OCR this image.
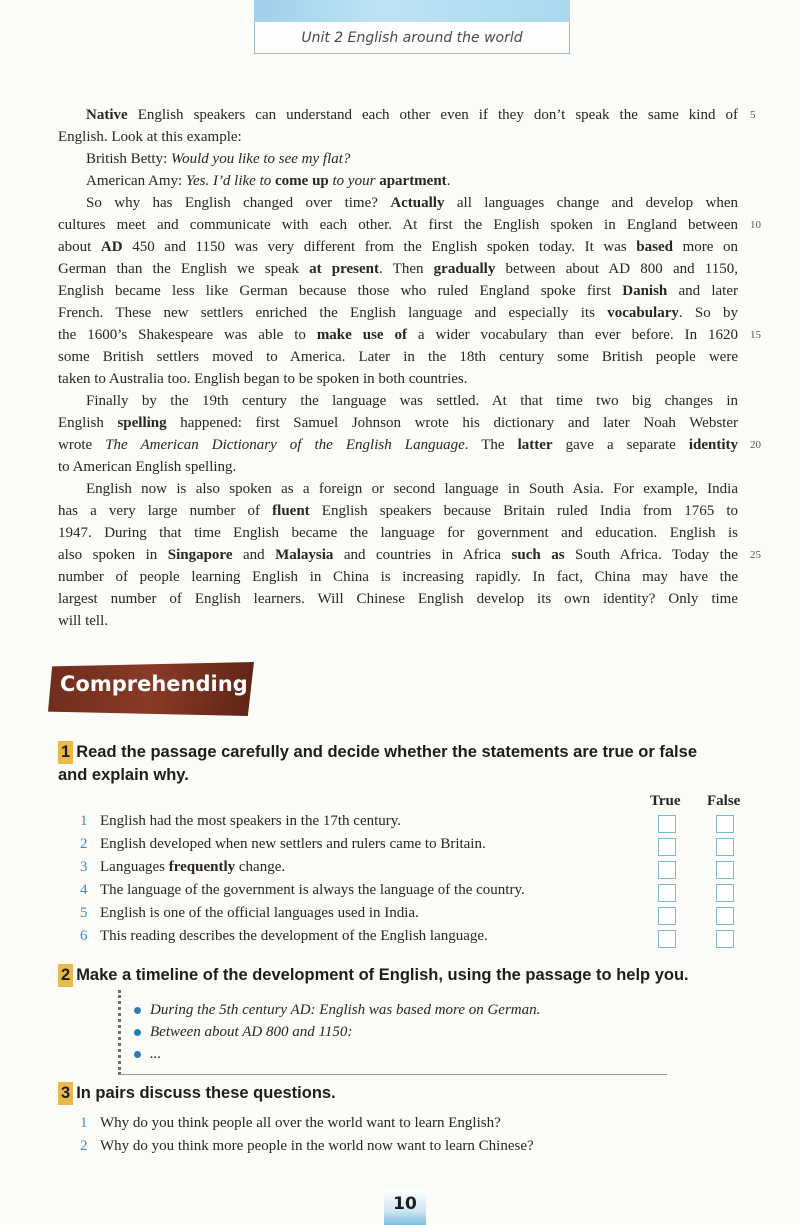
Unit 2 English around the world
Native English speakers can understand each other even if they don’t speak the same kind of 5
English. Look at this example:
British Betty: Would you like to see my flat?
American Amy: Yes. I’d like to come up to your apartment.
So why has English changed over time? Actually all languages change and develop when
cultures meet and communicate with each other. At first the English spoken in England between 10
about AD 450 and 1150 was very different from the English spoken today. It was based more on
German than the English we speak at present. Then gradually between about AD 800 and 1150,
English became less like German because those who ruled England spoke first Danish and later
French. These new settlers enriched the English language and especially its vocabulary. So by
the 1600’s Shakespeare was able to make use of a wider vocabulary than ever before. In 1620 15
some British settlers moved to America. Later in the 18th century some British people were
taken to Australia too. English began to be spoken in both countries.
Finally by the 19th century the language was settled. At that time two big changes in
English spelling happened: first Samuel Johnson wrote his dictionary and later Noah Webster
wrote The American Dictionary of the English Language. The latter gave a separate identity 20
to American English spelling.
English now is also spoken as a foreign or second language in South Asia. For example, India
has a very large number of fluent English speakers because Britain ruled India from 1765 to
1947. During that time English became the language for government and education. English is
also spoken in Singapore and Malaysia and countries in Africa such as South Africa. Today the 25
number of people learning English in China is increasing rapidly. In fact, China may have the
largest number of English learners. Will Chinese English develop its own identity? Only time
will tell.
Comprehending
1 Read the passage carefully and decide whether the statements are true or false
and explain why.
True False
1 English had the most speakers in the 17th century.
2 English developed when new settlers and rulers came to Britain.
3 Languages frequently change.
4 The language of the government is always the language of the country.
5 English is one of the official languages used in India.
6 This reading describes the development of the English language.
2 Make a timeline of the development of English, using the passage to help you.
During the 5th century AD: English was based more on German.
Between about AD 800 and 1150:
...
3 In pairs discuss these questions.
1 Why do you think people all over the world want to learn English?
2 Why do you think more people in the world now want to learn Chinese?
10
